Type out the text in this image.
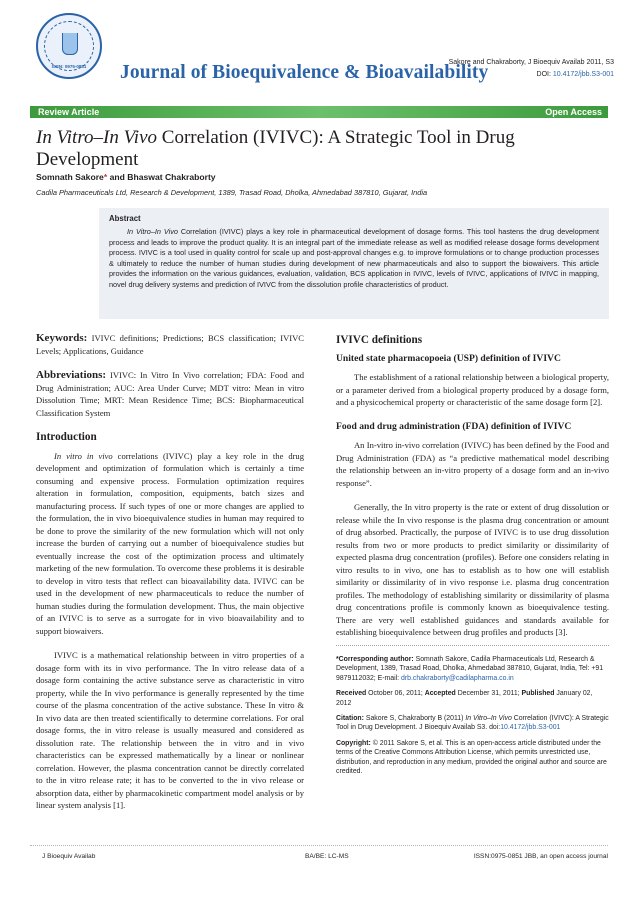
ISSN: 0975-0851	Journal of Bioequivalence & Bioavailability
Sakore and Chakraborty, J Bioequiv Availab 2011, S3
DOI: 10.4172/jbb.S3-001
Review Article	Open Access
In Vitro–In Vivo Correlation (IVIVC): A Strategic Tool in Drug
Development
Somnath Sakore* and Bhaswat Chakraborty
Cadila Pharmaceuticals Ltd, Research & Development, 1389, Trasad Road, Dholka, Ahmedabad 387810, Gujarat, India
Abstract
In Vitro–In Vivo Correlation (IVIVC) plays a key role in pharmaceutical development of dosage forms. This tool hastens the drug development process and leads to improve the product quality. It is an integral part of the immediate release as well as modified release dosage forms development process. IVIVC is a tool used in quality control for scale up and post-approval changes e.g. to improve formulations or to change production processes & ultimately to reduce the number of human studies during development of new pharmaceuticals and also to support the biowaivers. This article provides the information on the various guidances, evaluation, validation, BCS application in IVIVC, levels of IVIVC, applications of IVIVC in mapping, novel drug delivery systems and prediction of IVIVC from the dissolution profile characteristics of product.

Keywords: IVIVC definitions; Predictions; BCS classification; IVIVC Levels; Applications, Guidance

Abbreviations: IVIVC: In Vitro In Vivo correlation; FDA: Food and Drug Administration; AUC: Area Under Curve; MDT vitro: Mean in vitro Dissolution Time; MRT: Mean Residence Time; BCS: Biopharmaceutical Classification System

Introduction

In vitro in vivo correlations (IVIVC) play a key role in the drug development and optimization of formulation which is certainly a time consuming and expensive process. Formulation optimization requires alteration in formulation, composition, equipments, batch sizes and manufacturing process. If such types of one or more changes are applied to the formulation, the in vivo bioequivalence studies in human may required to be done to prove the similarity of the new formulation which will not only increase the burden of carrying out a number of bioequivalence studies but eventually increase the cost of the optimization process and ultimately marketing of the new formulation. To overcome these problems it is desirable to develop in vitro tests that reflect can bioavailability data. IVIVC can be used in the development of new pharmaceuticals to reduce the number of human studies during the formulation development. Thus, the main objective of an IVIVC is to serve as a surrogate for in vivo bioavailability and to support biowaivers.

IVIVC is a mathematical relationship between in vitro properties of a dosage form with its in vivo performance. The In vitro release data of a dosage form containing the active substance serve as characteristic in vitro property, while the In vivo performance is generally represented by the time course of the plasma concentration of the active substance. These In vitro & In vivo data are then treated scientifically to determine correlations. For oral dosage forms, the in vitro release is usually measured and considered as dissolution rate. The relationship between the in vitro and in vivo characteristics can be expressed mathematically by a linear or nonlinear correlation. However, the plasma concentration cannot be directly correlated to the in vitro release rate; it has to be converted to the in vivo release or absorption data, either by pharmacokinetic compartment model analysis or by linear system analysis [1].

IVIVC definitions
United state pharmacopoeia (USP) definition of IVIVC

The establishment of a rational relationship between a biological property, or a parameter derived from a biological property produced by a dosage form, and a physicochemical property or characteristic of the same dosage form [2].

Food and drug administration (FDA) definition of IVIVC

An In-vitro in-vivo correlation (IVIVC) has been defined by the Food and Drug Administration (FDA) as “a predictive mathematical model describing the relationship between an in-vitro property of a dosage form and an in-vivo response”.

Generally, the In vitro property is the rate or extent of drug dissolution or release while the In vivo response is the plasma drug concentration or amount of drug absorbed. Practically, the purpose of IVIVC is to use drug dissolution results from two or more products to predict similarity or dissimilarity of expected plasma drug concentration (profiles). Before one considers relating in vitro results to in vivo, one has to establish as to how one will establish similarity or dissimilarity of in vivo response i.e. plasma drug concentration profiles. The methodology of establishing similarity or dissimilarity of plasma drug concentrations profile is commonly known as bioequivalence testing. There are very well established guidances and standards available for establishing bioequivalence between drug profiles and products [3].

*Corresponding author: Somnath Sakore, Cadila Pharmaceuticals Ltd, Research & Development, 1389, Trasad Road, Dholka, Ahmedabad 387810, Gujarat, India, Tel: +91 9879112032; E-mail: drb.chakraborty@cadilapharma.co.in

Received October 06, 2011; Accepted December 31, 2011; Published January 02, 2012

Citation: Sakore S, Chakraborty B (2011) In Vitro–In Vivo Correlation (IVIVC): A Strategic Tool in Drug Development. J Bioequiv Availab S3. doi:10.4172/jbb.S3-001

Copyright: © 2011 Sakore S, et al. This is an open-access article distributed under the terms of the Creative Commons Attribution License, which permits unrestricted use, distribution, and reproduction in any medium, provided the original author and source are credited.

J Bioequiv Availab	BA/BE: LC-MS	ISSN:0975-0851 JBB, an open access journal
